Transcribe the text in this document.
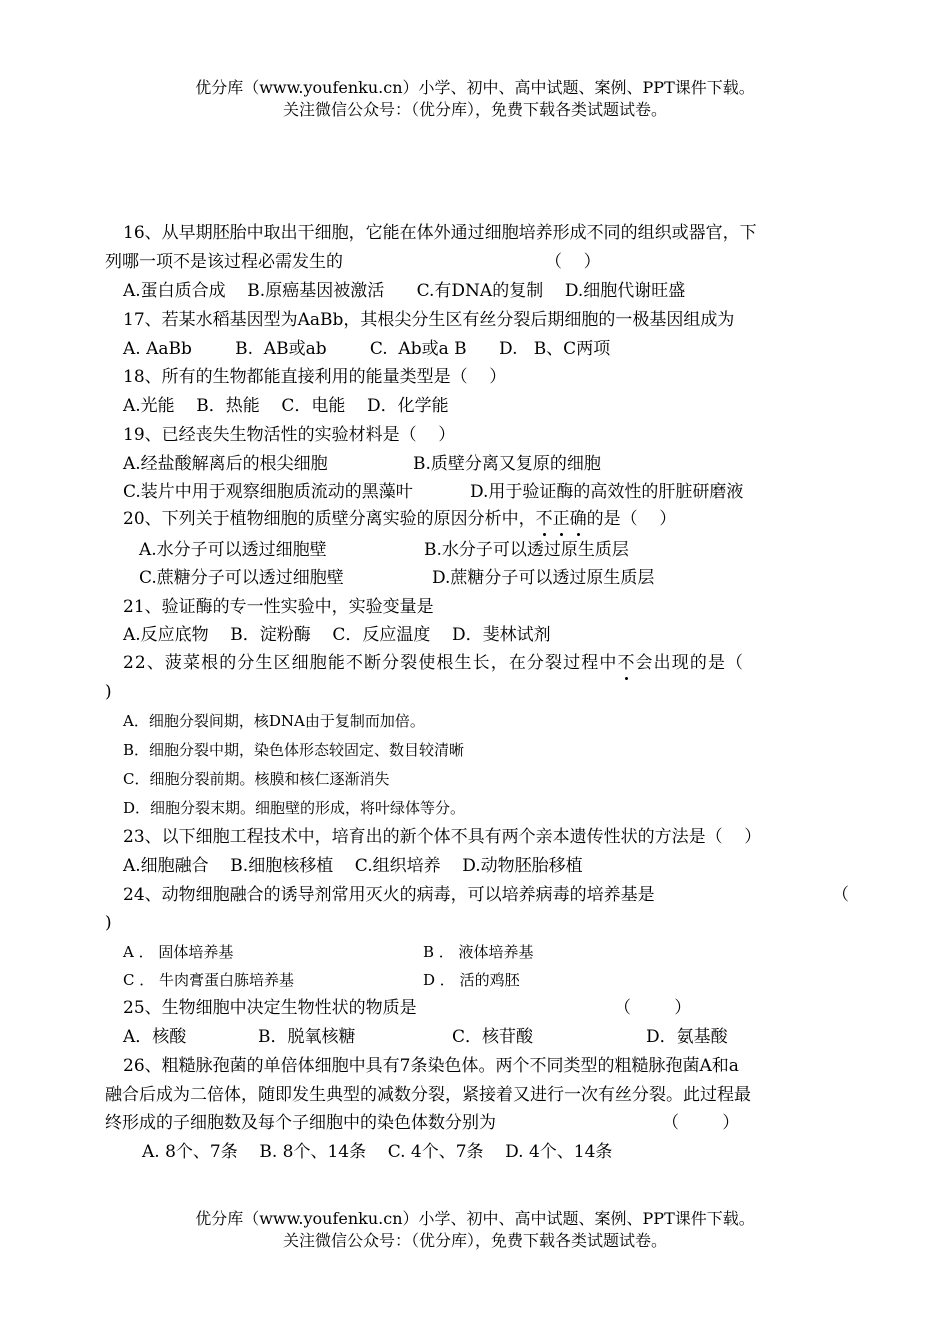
优分库（www.youfenku.cn）小学、初中、高中试题、案例、PPT课件下载。
关注微信公众号：（优分库），免费下载各类试题试卷。
16、从早期胚胎中取出干细胞，它能在体外通过细胞培养形成不同的组织或器官，下
列哪一项不是该过程必需发生的	（    ）
A.蛋白质合成    B.原癌基因被激活      C.有DNA的复制    D.细胞代谢旺盛
17、若某水稻基因型为AaBb，其根尖分生区有丝分裂后期细胞的一极基因组成为
A. AaBb        B.  AB或ab        C.  Ab或a B      D.   B、C两项
18、所有的生物都能直接利用的能量类型是（    ）
A.光能    B．热能    C．电能    D．化学能
19、已经丧失生物活性的实验材料是（    ）
A.经盐酸解离后的根尖细胞	B.质壁分离又复原的细胞
C.装片中用于观察细胞质流动的黑藻叶	D.用于验证酶的高效性的肝脏研磨液
20、下列关于植物细胞的质壁分离实验的原因分析中，不正确的是（    ）
A.水分子可以透过细胞壁	B.水分子可以透过原生质层
C.蔗糖分子可以透过细胞壁	D.蔗糖分子可以透过原生质层
21、验证酶的专一性实验中，实验变量是
A.反应底物    B．淀粉酶    C．反应温度    D．斐林试剂
22、菠菜根的分生区细胞能不断分裂使根生长，在分裂过程中不会出现的是（
)
A．细胞分裂间期，核DNA由于复制而加倍。
B．细胞分裂中期，染色体形态较固定、数目较清晰
C．细胞分裂前期。核膜和核仁逐渐消失
D．细胞分裂末期。细胞壁的形成，将叶绿体等分。
23、以下细胞工程技术中，培育出的新个体不具有两个亲本遗传性状的方法是（    ）
A.细胞融合    B.细胞核移植    C.组织培养    D.动物胚胎移植
24、动物细胞融合的诱导剂常用灭火的病毒，可以培养病毒的培养基是	（
)
A ． 固体培养基	B ． 液体培养基
C ． 牛肉膏蛋白胨培养基	D ． 活的鸡胚
25、生物细胞中决定生物性状的物质是	（        ）
A．核酸	B．脱氧核糖	C．核苷酸	D．氨基酸
26、粗糙脉孢菌的单倍体细胞中具有7条染色体。两个不同类型的粗糙脉孢菌A和a
融合后成为二倍体，随即发生典型的减数分裂，紧接着又进行一次有丝分裂。此过程最
终形成的子细胞数及每个子细胞中的染色体数分别为	（        ）
A. 8个、7条    B. 8个、14条    C. 4个、7条    D. 4个、14条
优分库（www.youfenku.cn）小学、初中、高中试题、案例、PPT课件下载。
关注微信公众号：（优分库），免费下载各类试题试卷。
